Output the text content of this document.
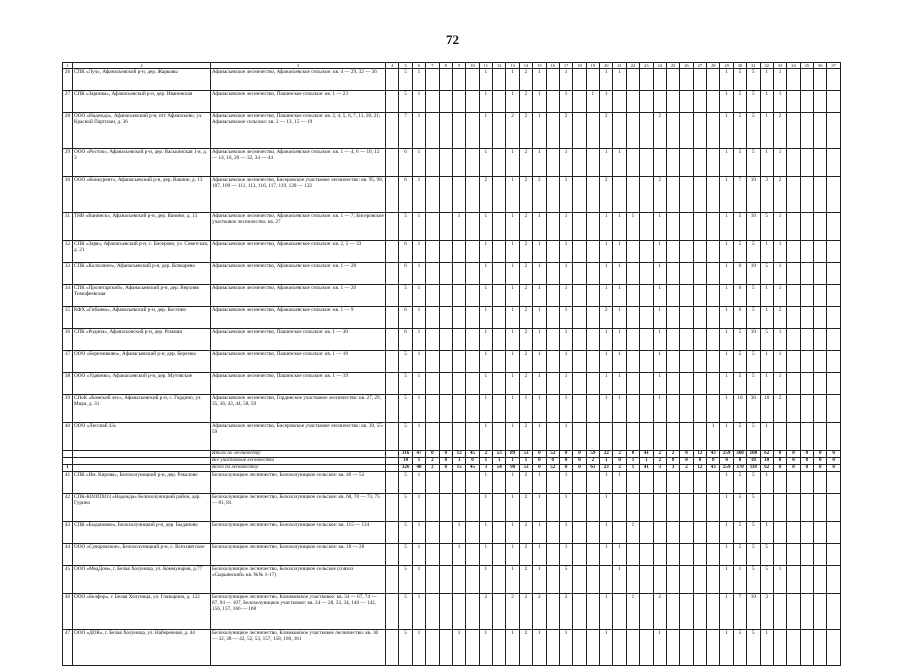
72
1	2	3	4	5	6	7	8	9	10	11	12	13	14	15	16	17	18	19	20	21	22	23	24	25	26	27	28	29	30	31	32	33	34	35	36	37
26	СПК «Луч», Афанасьевский р-н, дер. Жарковы	Афанасьевское лесничество, Афанасьевское сельское: кв. 4 — 29, 32 — 36		5	1					1		1	2	1		1			1	1								1	5	5	1	1				
27	СПК «Заринка», Афанасьевский р-н, дер. Ивановская	Афанасьевское лесничество, Пашинское сельское: кв. 1 — 23		5	1					1		1	2	1		1		1	1									1	5	5	1	1				
28	ООО «Надежда», Афанасьевский р-н, пгт Афанасьево, ул. Красной Партизан, д. 36	Афанасьевское лесничество, Пашинское сельское: кв. 2, 4, 5, 6, 7, 11, 20, 21; Афанасьевское сельское: кв. 2 — 13, 15 — 19		7	1					1		2	2	1		2			2				2					1	5	5	1	2				
29	ООО «Росток», Афанасьевский р-н, дер. Васькинская 1-я, д. 3	Афанасьевское лесничество, Афанасьевское сельское: кв. 1 — 4, 6 — 10, 12 — 14, 16, 20 — 32, 34 — 44		6	1					1		1	2	1		1			1	1								1	5	5	1	1				
30	ООО «Конкурент», Афанасьевский р-н, дер. Вакино, д. 13	Афанасьевское лесничество, Бисеровское участковое лесничество: кв. 95, 98, 107, 109 — 111, 113, 116, 117, 119, 128 — 132		6	1					2		1	2	2		1			2				2					1	7	10	3	2				
31	ТНВ «Ванинск», Афанасьевский р-н, дер. Ванино, д. 13	Афанасьевское лесничество, Афанасьевское сельское: кв. 1 — 7; Бисеровское участковое лесничество: кв. 27		5	1			1		1		1	2	1		1			1	1	1		1					1	5	10	5	1				
32	СПК «Заря», Афанасьевский р-н, с. Бисерово, ул. Советская, д. 21	Афанасьевское лесничество, Афанасьевское сельское: кв. 2, 5 — 33		6	1					1		1	2	1		1			1	1			1					1	5	5	1	1				
33	СПК «Колхозное», Афанасьевский р-н, дер. Кочкарево	Афанасьевское лесничество, Афанасьевское сельское: кв. 1 — 28		6	1					1		1	2	1		1			1	1			1					1	6	10	5	1				
34	СПК «Пролетарский», Афанасьевский р-н, дер. Верхняя Тимофеевская	Афанасьевское лесничество, Афанасьевское сельское: кв. 1 — 20		5	1					1		1	2	1		1			1	1			1					1	6	5	1	1				
35	КФХ «Гибанко», Афанасьевский р-н, дер. Костино	Афанасьевское лесничество, Афанасьевское сельское: кв. 1 — 9		6	1					1		1	2	1		1			2	1			1					1	6	5	1	2				
36	СПК «Родина», Афанасьевский р-н, дер. Ромаши	Афанасьевское лесничество, Пашинское сельское: кв. 1 — 30		6	1					1		1	2	1		1			1	1			1					1	5	10	5	1				
37	ООО «Березниково», Афанасьевский р-н, дер. Березны	Афанасьевское лесничество, Пашинское сельское: кв. 1 — 18		5	1					1		1	2	1		1			1	1			1					1	5	5	1	1				
38	ООО «Удачник», Афанасьевский р-н, дер. Мутовские	Афанасьевское лесничество, Пашинское сельское: кв. 1 — 19		5	1					1		1	2	1		1			1	1			1					1	5	5	1	1				
39	СПоК «Камский лес», Афанасьевский р-н, с. Гордино, ул. Мира, д. 31	Афанасьевское лесничество, Гординское участковое лесничество: кв. 27, 29, 35, 36, 43, 44, 58, 59		5	1					1		1	1	1		1			1	1			1					1	10	30	10	2				
40	ООО «Лесснаб 43»	Афанасьевское лесничество, Бисеровское участковое лесничество: кв. 39, 55-59		5	1					1		1	2	1		1											1	1	5	5	1					
		Итого по лесничеству:		316	47	0	0	12	45	2	53	89	53	0	52	0	0	59	22	2	0	41	2	2	0	12	43	259	360	108	62	0	0	0	0	0
		Все участковые лесничества		10	1	2	0	3	0	1	1	1	1	0	0	0	0	2	1	0	1	1	2	0	0	0	0	0	0	10	10	0	0	0	0	0
1		Всего по лесничеству:		326	48	2	0	15	45	3	54	90	53	0	52	0	0	61	23	2	1	41	3	3	2	12	43	259	370	118	62	0	0	0	0	0
41	СПК «Им. Кирова», Белохолуницкий р-н, дер. Ракалово	Белохолуницкое лесничество, Белохолуницкое сельское: кв. 40 — 52		5	1					1		1	2	1		1			1	1								1	5	5	1					
42	СПК-КООПХОЗ «Надежда» Белохолуницкий район, дер. Гурино	Белохолуницкое лесничество, Белохолуницкое сельское: кв. 68, 70 — 73, 75 — 81, 83		5	1					1		1	2	1		1			1									1	5	5						
43	СПК «Быдановое», Белохолуницкий р-н, дер. Быданово	Белохолуницкое лесничество, Белохолуницкое сельское: кв. 115 — 134		5	1			1		1		1	2	1		1			1		1							1	5	5	1					
44	ООО «Суворовское», Белохолуницкий р-н, с. Всехсвятское	Белохолуницкое лесничество, Белохолуницкое сельское: кв. 18 — 28		5	1			1		1		1	2	1		1			1	1								1	5	5	5					
45	ООО «МедДом», г. Белая Холуница, ул. Коммунаров, д.77	Белохолуницкое лесничество, Белохолуницкое сельское (совхоз «Сырьянский» кв. №№ 1-17)		5	1					1		1	2	1		5				1								1	1	5	5	1				
46	ООО «Белфор», г. Белая Холуница, ул. Глазырина, д. 122	Белохолуницкое лесничество, Климковское участковое: кв. 34 — 67, 74 — 87, 94 — 107, Белохолуницкое участковое: кв. 24 — 28, 33, 34, 140 — 142, 156, 157, 166 — 168		5	1					2		2	2	2		2			1		1		2					1	7	10	3					
47	ООО «ДОК», г. Белая Холуница, ул. Набережная, д. 44	Белохолуницкое лесничество, Климковское участковое лесничество: кв. 30 — 32, 38 — 42, 52, 53, 157, 158, 160, 161		5	1			1		1		1	2	1		1			1				1					1	5	5	1					
